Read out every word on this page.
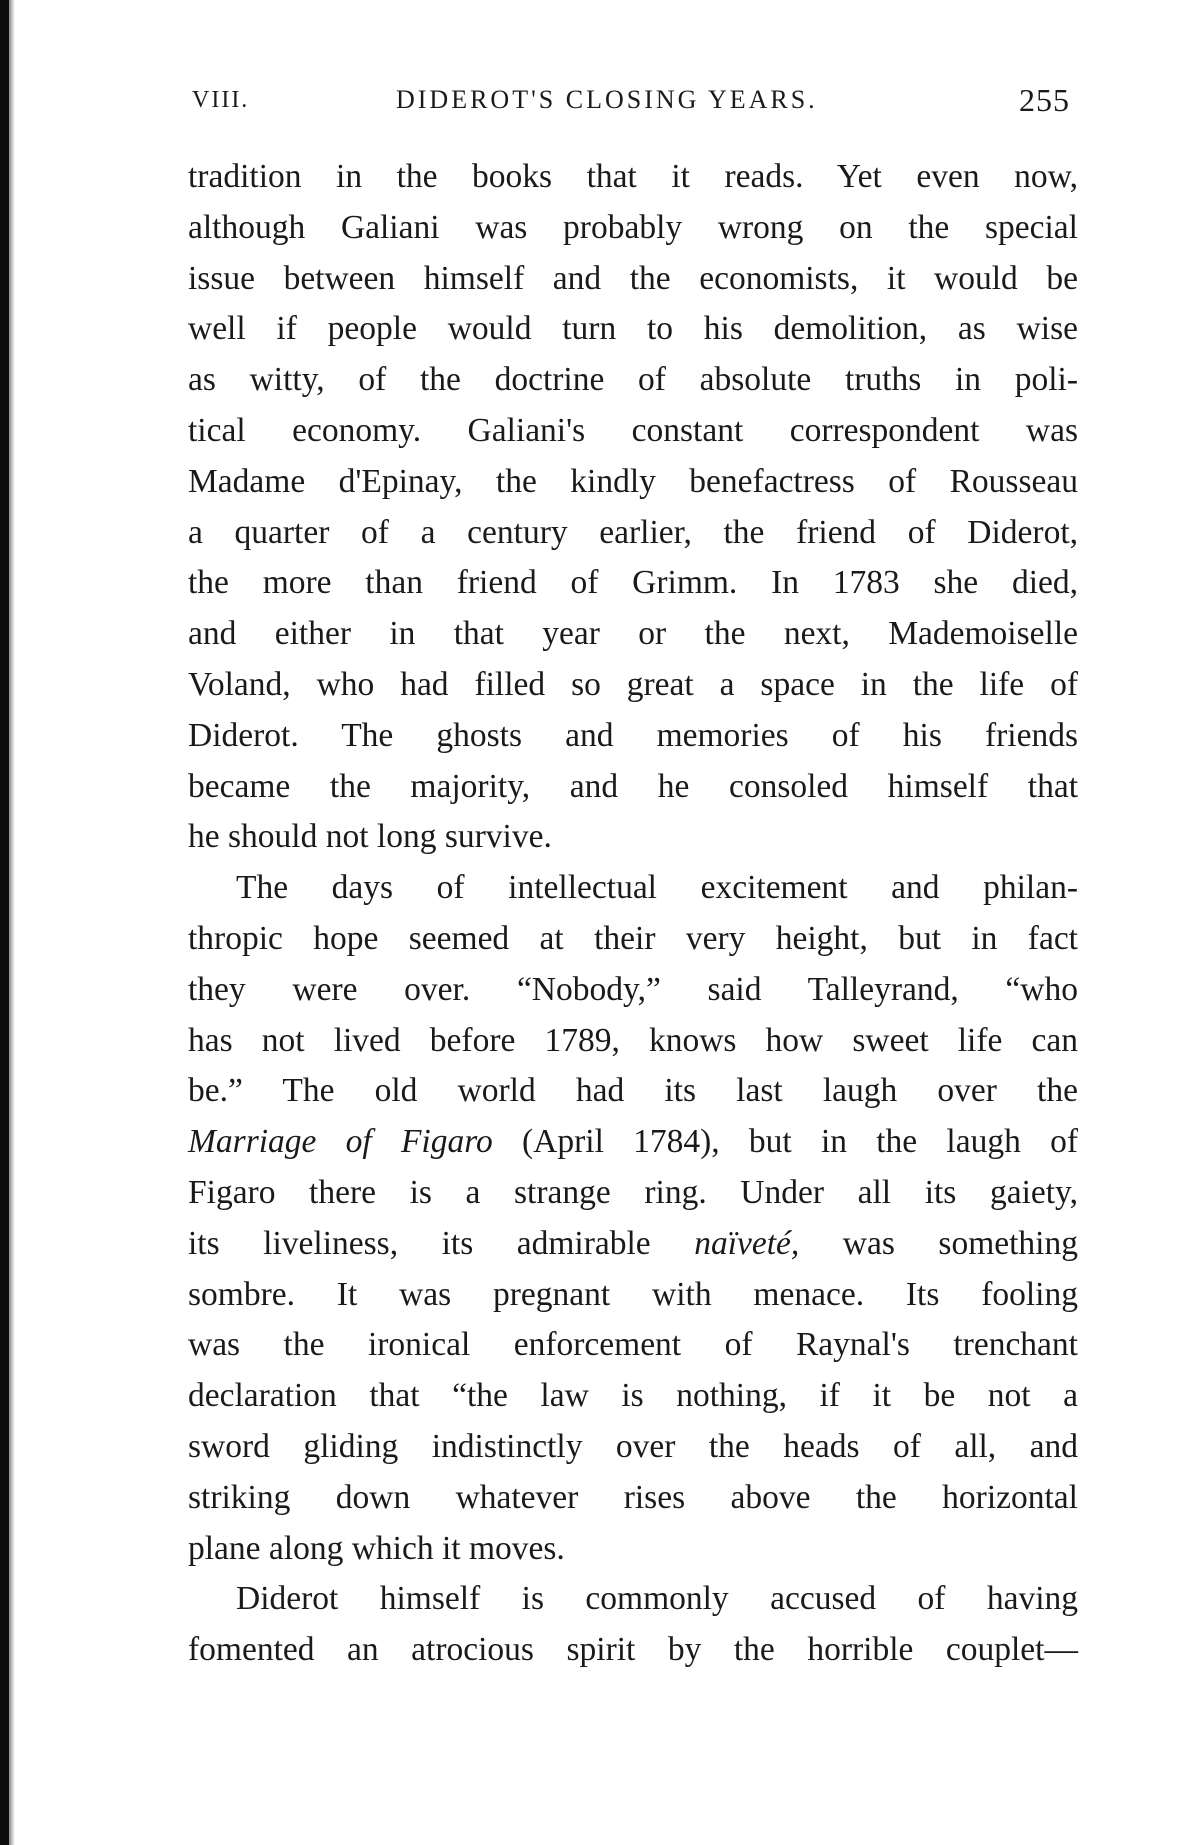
VIII.	DIDEROT'S CLOSING YEARS.	255
tradition in the books that it reads. Yet even now,
although Galiani was probably wrong on the special
issue between himself and the economists, it would be
well if people would turn to his demolition, as wise
as witty, of the doctrine of absolute truths in poli-
tical economy. Galiani's constant correspondent was
Madame d'Epinay, the kindly benefactress of Rousseau
a quarter of a century earlier, the friend of Diderot,
the more than friend of Grimm. In 1783 she died,
and either in that year or the next, Mademoiselle
Voland, who had filled so great a space in the life of
Diderot. The ghosts and memories of his friends
became the majority, and he consoled himself that
he should not long survive.
The days of intellectual excitement and philan-
thropic hope seemed at their very height, but in fact
they were over. “Nobody,” said Talleyrand, “who
has not lived before 1789, knows how sweet life can
be.” The old world had its last laugh over the
Marriage of Figaro (April 1784), but in the laugh of
Figaro there is a strange ring. Under all its gaiety,
its liveliness, its admirable naïveté, was something
sombre. It was pregnant with menace. Its fooling
was the ironical enforcement of Raynal's trenchant
declaration that “the law is nothing, if it be not a
sword gliding indistinctly over the heads of all, and
striking down whatever rises above the horizontal
plane along which it moves.
Diderot himself is commonly accused of having
fomented an atrocious spirit by the horrible couplet—
